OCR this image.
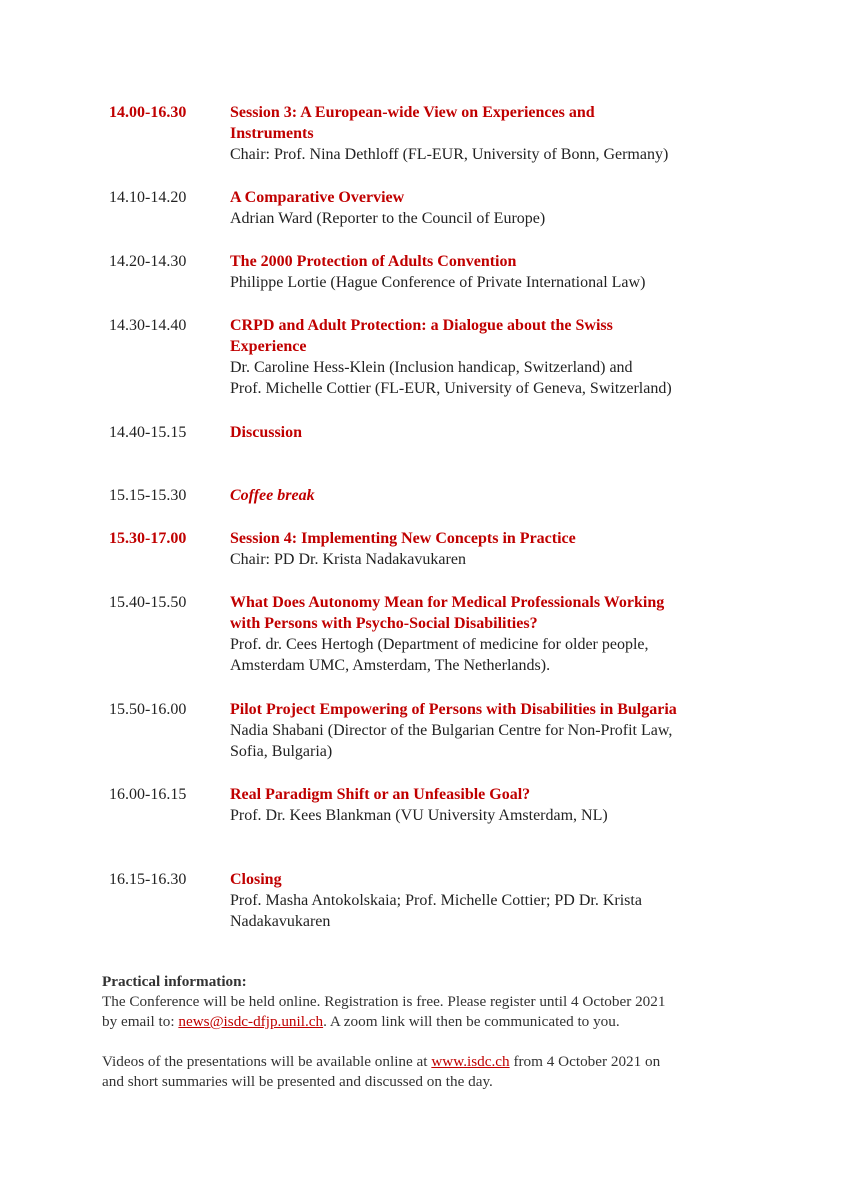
14.00-16.30	Session 3: A European-wide View on Experiences and
Instruments
Chair: Prof. Nina Dethloff (FL-EUR, University of Bonn, Germany)
14.10-14.20	A Comparative Overview
Adrian Ward (Reporter to the Council of Europe)
14.20-14.30	The 2000 Protection of Adults Convention
Philippe Lortie (Hague Conference of Private International Law)
14.30-14.40	CRPD and Adult Protection: a Dialogue about the Swiss
Experience
Dr. Caroline Hess-Klein (Inclusion handicap, Switzerland) and
Prof. Michelle Cottier (FL-EUR, University of Geneva, Switzerland)
14.40-15.15	Discussion
15.15-15.30	Coffee break
15.30-17.00	Session 4: Implementing New Concepts in Practice
Chair: PD Dr. Krista Nadakavukaren
15.40-15.50	What Does Autonomy Mean for Medical Professionals Working
with Persons with Psycho-Social Disabilities?
Prof. dr. Cees Hertogh (Department of medicine for older people,
Amsterdam UMC, Amsterdam, The Netherlands).
15.50-16.00	Pilot Project Empowering of Persons with Disabilities in Bulgaria
Nadia Shabani (Director of the Bulgarian Centre for Non-Profit Law,
Sofia, Bulgaria)
16.00-16.15	Real Paradigm Shift or an Unfeasible Goal?
Prof. Dr. Kees Blankman (VU University Amsterdam, NL)
16.15-16.30	Closing
Prof. Masha Antokolskaia; Prof. Michelle Cottier; PD Dr. Krista
Nadakavukaren
Practical information:
The Conference will be held online. Registration is free. Please register until 4 October 2021
by email to: news@isdc-dfjp.unil.ch. A zoom link will then be communicated to you.

Videos of the presentations will be available online at www.isdc.ch from 4 October 2021 on
and short summaries will be presented and discussed on the day.
